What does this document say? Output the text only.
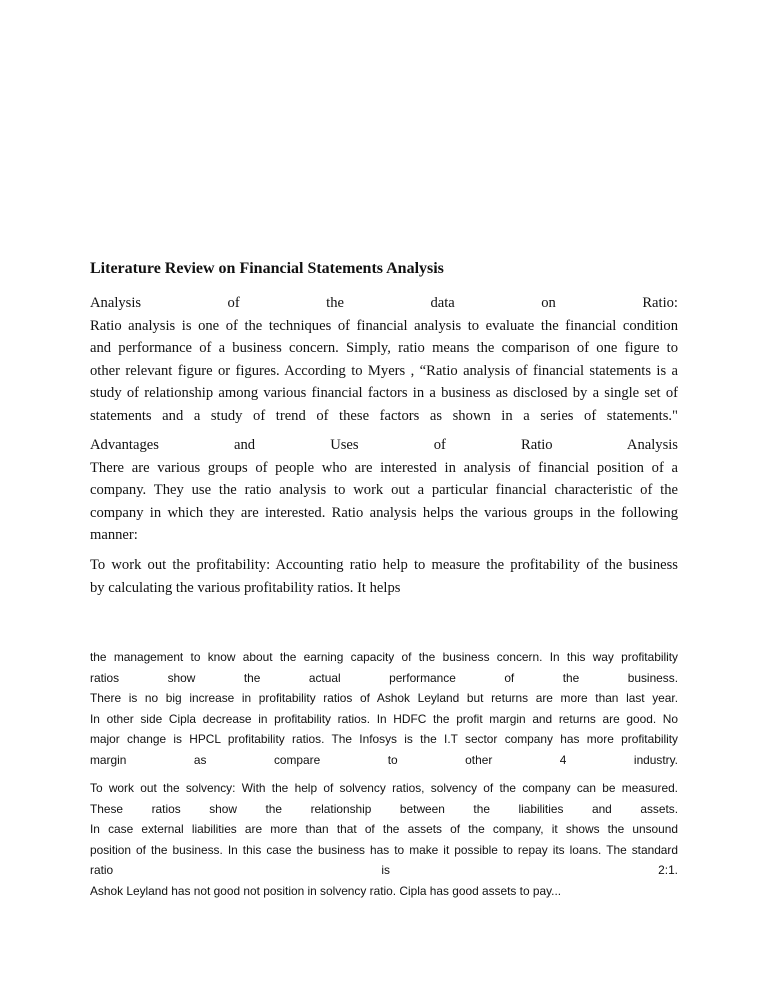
Literature Review on Financial Statements Analysis
Analysis of the data on Ratio:
Ratio analysis is one of the techniques of financial analysis to evaluate the financial condition
and performance of a business concern. Simply, ratio means the comparison of one figure to
other relevant figure or figures. According to Myers , “Ratio analysis of financial statements is a
study of relationship among various financial factors in a business as disclosed by a single set of
statements and a study of trend of these factors as shown in a series of statements."
Advantages and Uses of Ratio Analysis
There are various groups of people who are interested in analysis of financial position of a
company. They use the ratio analysis to work out a particular financial characteristic of the
company in which they are interested. Ratio analysis helps the various groups in the following
manner:
To work out the profitability: Accounting ratio help to measure the profitability of the business
by calculating the various profitability ratios. It helps
the management to know about the earning capacity of the business concern. In this way profitability
ratios show the actual performance of the business.
There is no big increase in profitability ratios of Ashok Leyland but returns are more than last year.
In other side Cipla decrease in profitability ratios. In HDFC the profit margin and returns are good. No
major change is HPCL profitability ratios. The Infosys is the I.T sector company has more profitability
margin as compare to other 4 industry.
To work out the solvency: With the help of solvency ratios, solvency of the company can be measured.
These ratios show the relationship between the liabilities and assets.
In case external liabilities are more than that of the assets of the company, it shows the unsound
position of the business. In this case the business has to make it possible to repay its loans. The standard
ratio is 2:1.
Ashok Leyland has not good not position in solvency ratio. Cipla has good assets to pay...
